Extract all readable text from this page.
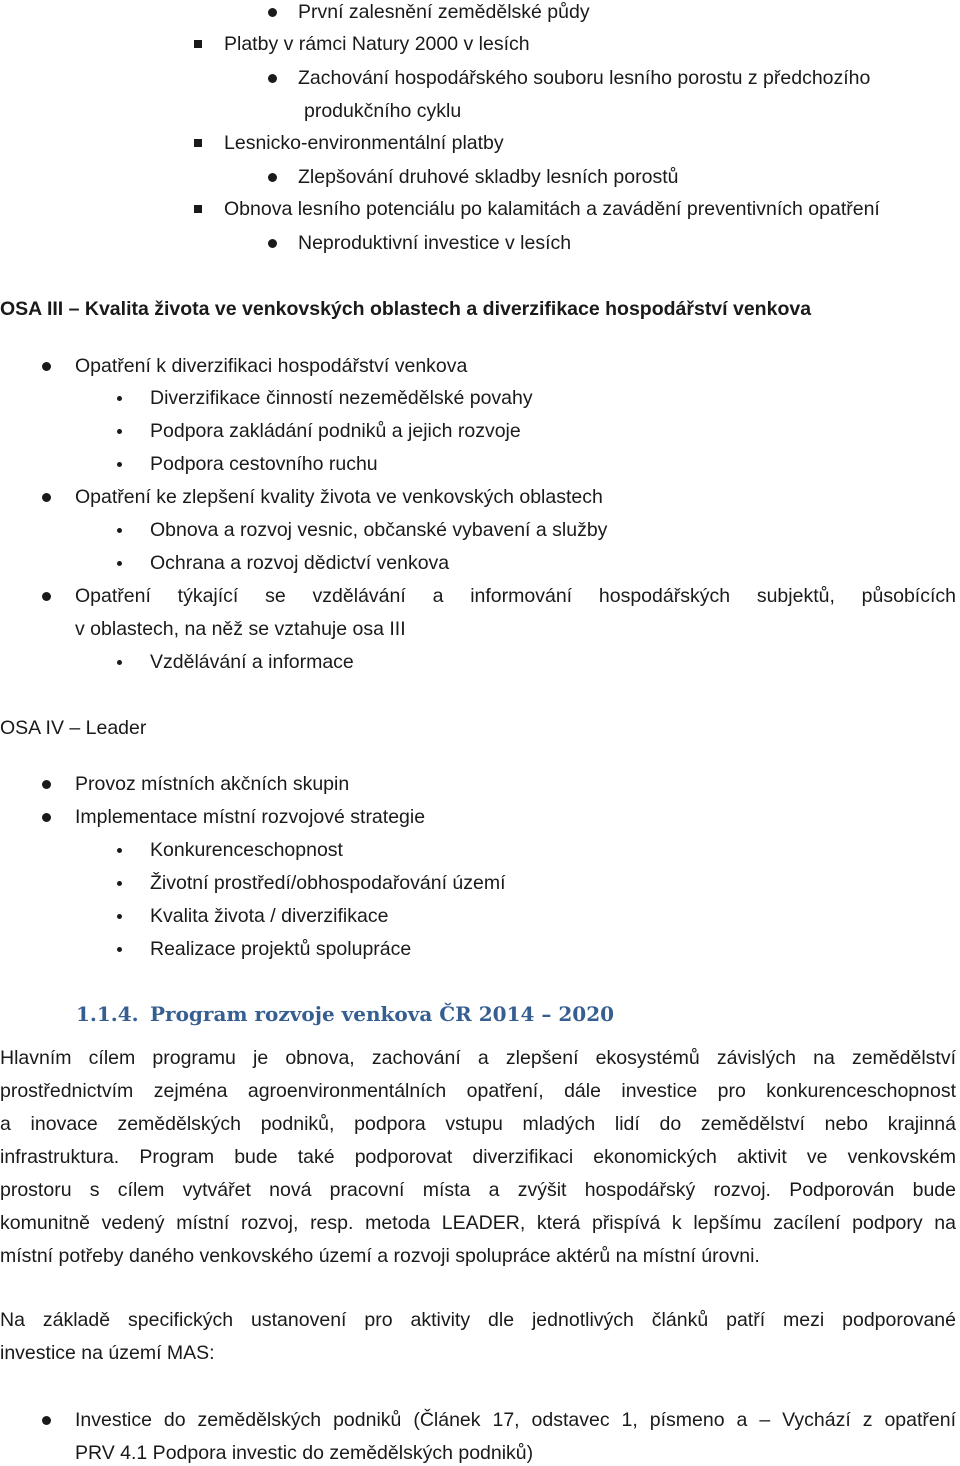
První zalesnění zemědělské půdy
Platby v rámci Natury 2000 v lesích
Zachování hospodářského souboru lesního porostu z předchozího
produkčního cyklu
Lesnicko-environmentální platby
Zlepšování druhové skladby lesních porostů
Obnova lesního potenciálu po kalamitách a zavádění preventivních opatření
Neproduktivní investice v lesích
OSA III – Kvalita života ve venkovských oblastech a diverzifikace hospodářství venkova
Opatření k diverzifikaci hospodářství venkova
Diverzifikace činností nezemědělské povahy
Podpora zakládání podniků a jejich rozvoje
Podpora cestovního ruchu
Opatření ke zlepšení kvality života ve venkovských oblastech
Obnova a rozvoj vesnic, občanské vybavení a služby
Ochrana a rozvoj dědictví venkova
Opatření týkající se vzdělávání a informování hospodářských subjektů, působících
v oblastech, na něž se vztahuje osa III
Vzdělávání a informace
OSA IV – Leader
Provoz místních akčních skupin
Implementace místní rozvojové strategie
Konkurenceschopnost
Životní prostředí/obhospodařování území
Kvalita života / diverzifikace
Realizace projektů spolupráce
1.1.4. Program rozvoje venkova ČR 2014 – 2020
Hlavním cílem programu je obnova, zachování a zlepšení ekosystémů závislých na zemědělství
prostřednictvím zejména agroenvironmentálních opatření, dále investice pro konkurenceschopnost
a inovace zemědělských podniků, podpora vstupu mladých lidí do zemědělství nebo krajinná
infrastruktura. Program bude také podporovat diverzifikaci ekonomických aktivit ve venkovském
prostoru s cílem vytvářet nová pracovní místa a zvýšit hospodářský rozvoj. Podporován bude
komunitně vedený místní rozvoj, resp. metoda LEADER, která přispívá k lepšímu zacílení podpory na
místní potřeby daného venkovského území a rozvoji spolupráce aktérů na místní úrovni.
Na základě specifických ustanovení pro aktivity dle jednotlivých článků patří mezi podporované
investice na území MAS:
Investice do zemědělských podniků (Článek 17, odstavec 1, písmeno a – Vychází z opatření
PRV 4.1 Podpora investic do zemědělských podniků)
